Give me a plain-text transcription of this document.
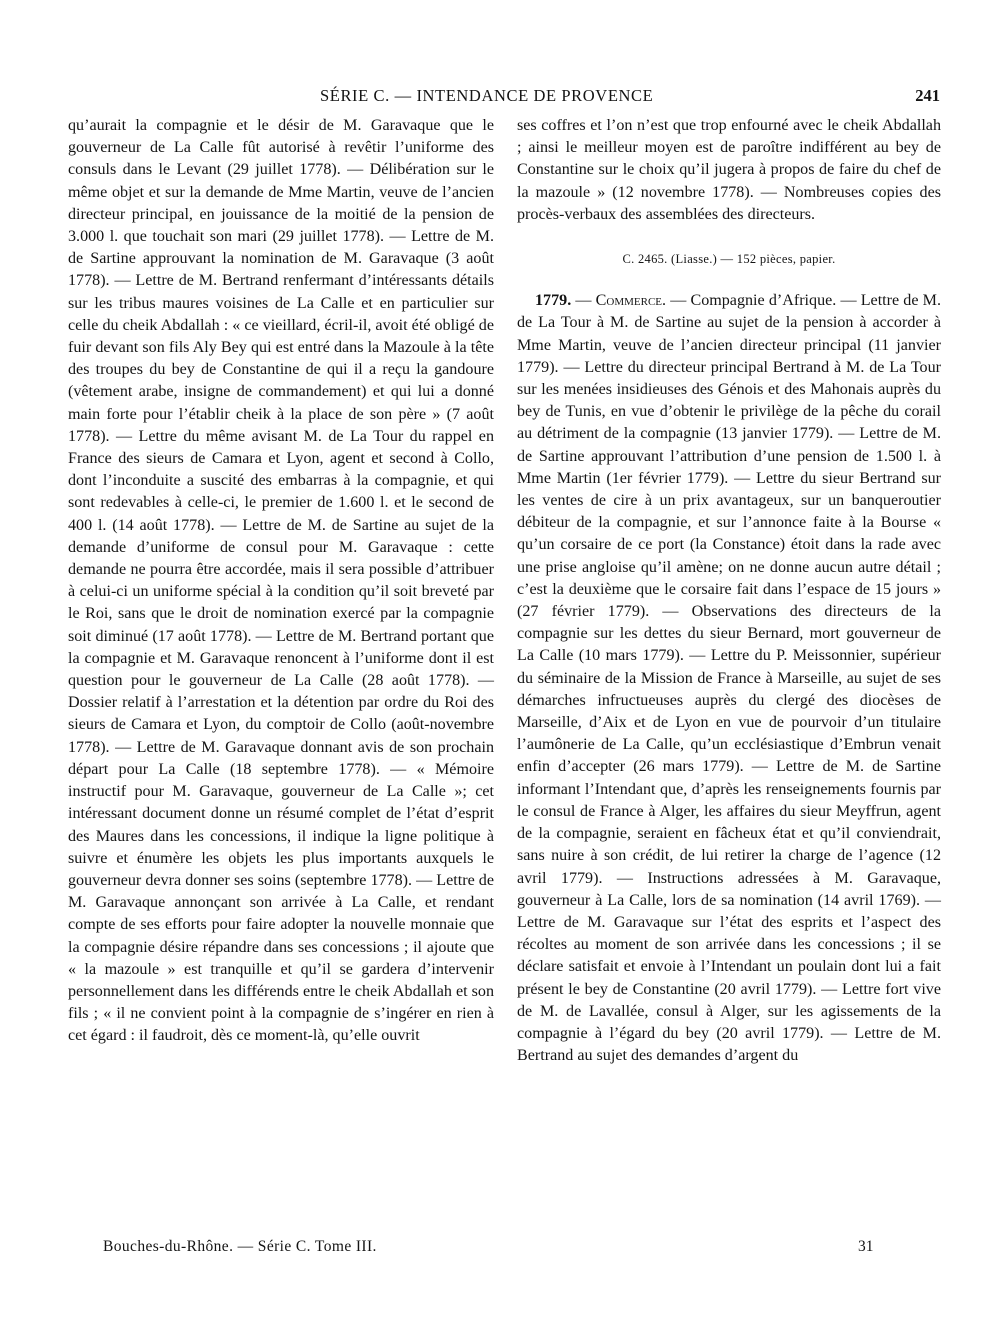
SÉRIE C. — INTENDANCE DE PROVENCE	241

qu’aurait la compagnie et le désir de M. Garavaque que le gouverneur de La Calle fût autorisé à revêtir l’uniforme des consuls dans le Levant (29 juillet 1778). — Délibération sur le même objet et sur la demande de Mme Martin, veuve de l’ancien directeur principal, en jouissance de la moitié de la pension de 3.000 l. que touchait son mari (29 juillet 1778). — Lettre de M. de Sartine approuvant la nomination de M. Garavaque (3 août 1778). — Lettre de M. Bertrand renfermant d’intéressants détails sur les tribus maures voisines de La Calle et en particulier sur celle du cheik Abdallah : « ce vieillard, écril-il, avoit été obligé de fuir devant son fils Aly Bey qui est entré dans la Mazoule à la tête des troupes du bey de Constantine de qui il a reçu la gandoure (vêtement arabe, insigne de commandement) et qui lui a donné main forte pour l’établir cheik à la place de son père » (7 août 1778). — Lettre du même avisant M. de La Tour du rappel en France des sieurs de Camara et Lyon, agent et second à Collo, dont l’inconduite a suscité des embarras à la compagnie, et qui sont redevables à celle-ci, le premier de 1.600 l. et le second de 400 l. (14 août 1778). — Lettre de M. de Sartine au sujet de la demande d’uniforme de consul pour M. Garavaque : cette demande ne pourra être accordée, mais il sera possible d’attribuer à celui-ci un uniforme spécial à la condition qu’il soit breveté par le Roi, sans que le droit de nomination exercé par la compagnie soit diminué (17 août 1778). — Lettre de M. Bertrand portant que la compagnie et M. Garavaque renoncent à l’uniforme dont il est question pour le gouverneur de La Calle (28 août 1778). — Dossier relatif à l’arrestation et la détention par ordre du Roi des sieurs de Camara et Lyon, du comptoir de Collo (août-novembre 1778). — Lettre de M. Garavaque donnant avis de son prochain départ pour La Calle (18 septembre 1778). — « Mémoire instructif pour M. Garavaque, gouverneur de La Calle »; cet intéressant document donne un résumé complet de l’état d’esprit des Maures dans les concessions, il indique la ligne politique à suivre et énumère les objets les plus importants auxquels le gouverneur devra donner ses soins (septembre 1778). — Lettre de M. Garavaque annonçant son arrivée à La Calle, et rendant compte de ses efforts pour faire adopter la nouvelle monnaie que la compagnie désire répandre dans ses concessions ; il ajoute que « la mazoule » est tranquille et qu’il se gardera d’intervenir personnellement dans les différends entre le cheik Abdallah et son fils ; « il ne convient point à la compagnie de s’ingérer en rien à cet égard : il faudroit, dès ce moment-là, qu’elle ouvrit

ses coffres et l’on n’est que trop enfourné avec le cheik Abdallah ; ainsi le meilleur moyen est de paroître indifférent au bey de Constantine sur le choix qu’il jugera à propos de faire du chef de la mazoule » (12 novembre 1778). — Nombreuses copies des procès-verbaux des assemblées des directeurs.

C. 2465. (Liasse.) — 152 pièces, papier.

1779. — Commerce. — Compagnie d’Afrique. — Lettre de M. de La Tour à M. de Sartine au sujet de la pension à accorder à Mme Martin, veuve de l’ancien directeur principal (11 janvier 1779). — Lettre du directeur principal Bertrand à M. de La Tour sur les menées insidieuses des Génois et des Mahonais auprès du bey de Tunis, en vue d’obtenir le privilège de la pêche du corail au détriment de la compagnie (13 janvier 1779). — Lettre de M. de Sartine approuvant l’attribution d’une pension de 1.500 l. à Mme Martin (1er février 1779). — Lettre du sieur Bertrand sur les ventes de cire à un prix avantageux, sur un banqueroutier débiteur de la compagnie, et sur l’annonce faite à la Bourse « qu’un corsaire de ce port (la Constance) étoit dans la rade avec une prise angloise qu’il amène; on ne donne aucun autre détail ; c’est la deuxième que le corsaire fait dans l’espace de 15 jours » (27 février 1779). — Observations des directeurs de la compagnie sur les dettes du sieur Bernard, mort gouverneur de La Calle (10 mars 1779). — Lettre du P. Meissonnier, supérieur du séminaire de la Mission de France à Marseille, au sujet de ses démarches infructueuses auprès du clergé des diocèses de Marseille, d’Aix et de Lyon en vue de pourvoir d’un titulaire l’aumônerie de La Calle, qu’un ecclésiastique d’Embrun venait enfin d’accepter (26 mars 1779). — Lettre de M. de Sartine informant l’Intendant que, d’après les renseignements fournis par le consul de France à Alger, les affaires du sieur Meyffrun, agent de la compagnie, seraient en fâcheux état et qu’il conviendrait, sans nuire à son crédit, de lui retirer la charge de l’agence (12 avril 1779). — Instructions adressées à M. Garavaque, gouverneur à La Calle, lors de sa nomination (14 avril 1769). — Lettre de M. Garavaque sur l’état des esprits et l’aspect des récoltes au moment de son arrivée dans les concessions ; il se déclare satisfait et envoie à l’Intendant un poulain dont lui a fait présent le bey de Constantine (20 avril 1779). — Lettre fort vive de M. de Lavallée, consul à Alger, sur les agissements de la compagnie à l’égard du bey (20 avril 1779). — Lettre de M. Bertrand au sujet des demandes d’argent du

Bouches-du-Rhône. — Série C. Tome III.	31
